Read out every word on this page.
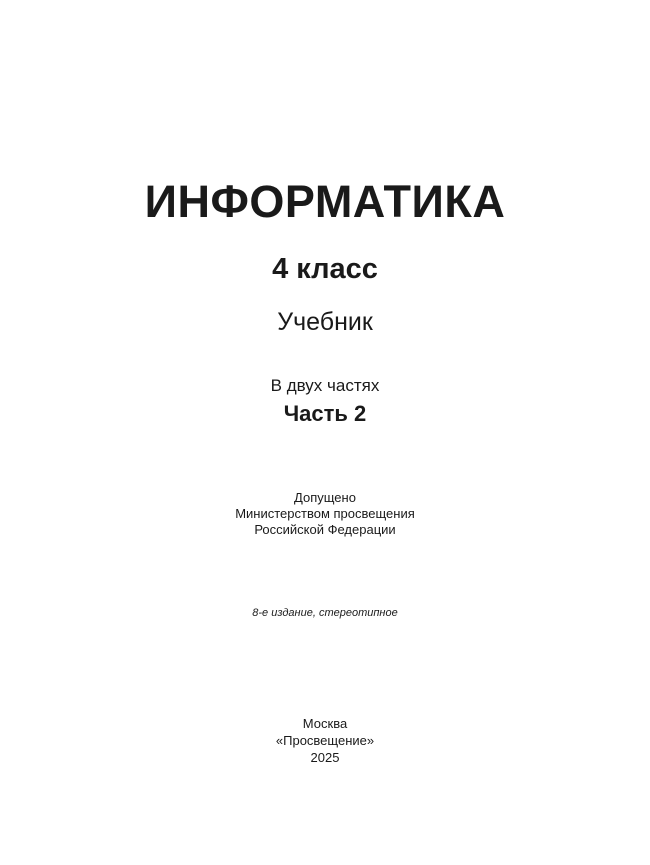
ИНФОРМАТИКА
4 класс
Учебник
В двух частях
Часть 2
Допущено
Министерством просвещения
Российской Федерации
8-е издание, стереотипное
Москва
«Просвещение»
2025
